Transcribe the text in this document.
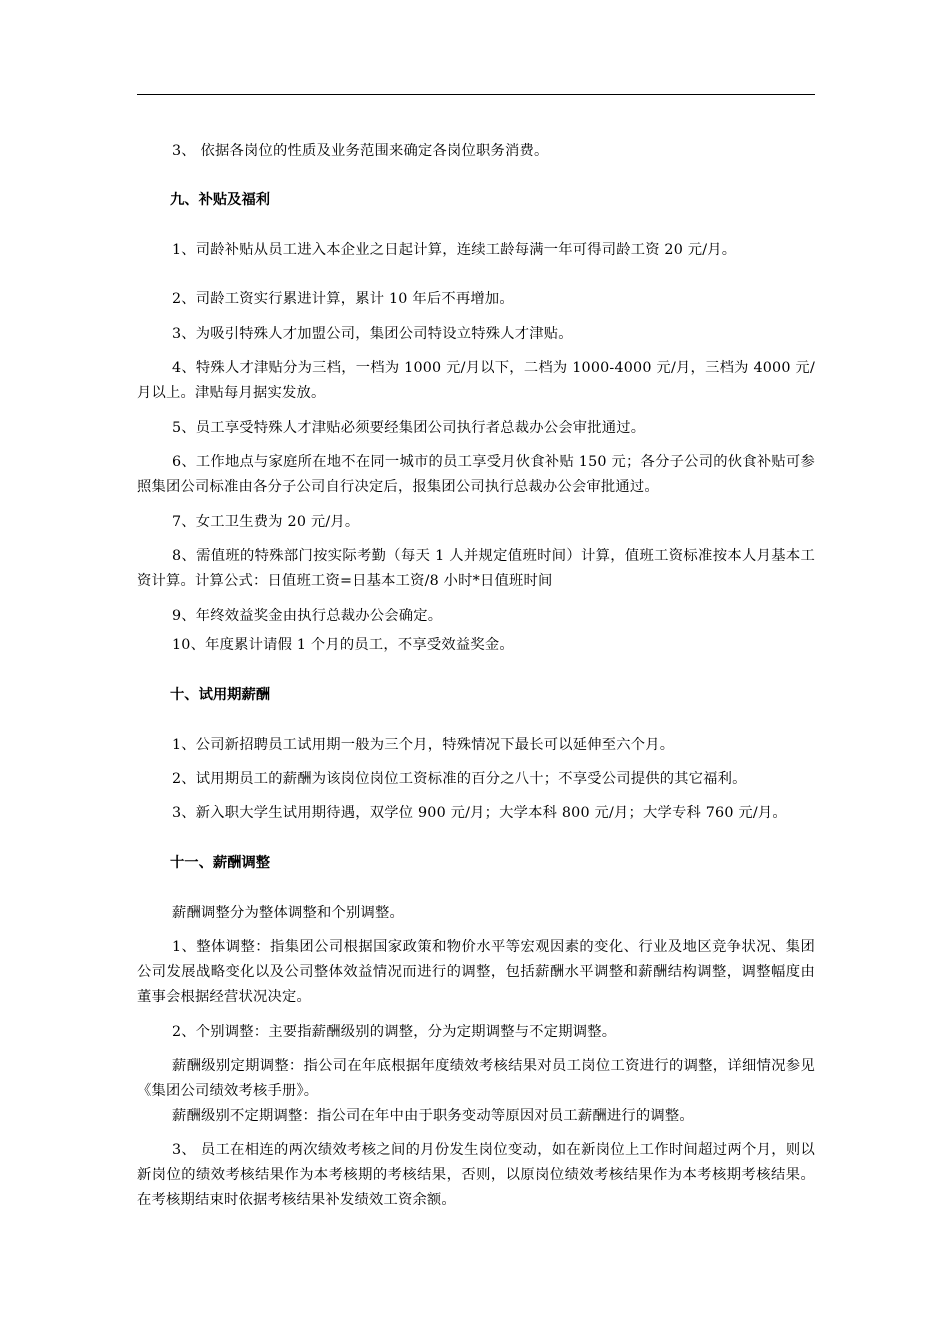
3、 依据各岗位的性质及业务范围来确定各岗位职务消费。
九、补贴及福利
1、司龄补贴从员工进入本企业之日起计算，连续工龄每满一年可得司龄工资 20 元/月。
2、司龄工资实行累进计算，累计 10 年后不再增加。
3、为吸引特殊人才加盟公司，集团公司特设立特殊人才津贴。
4、特殊人才津贴分为三档，一档为 1000 元/月以下，二档为 1000-4000 元/月，三档为 4000 元/月以上。津贴每月据实发放。
5、员工享受特殊人才津贴必须要经集团公司执行者总裁办公会审批通过。
6、工作地点与家庭所在地不在同一城市的员工享受月伙食补贴 150 元；各分子公司的伙食补贴可参照集团公司标准由各分子公司自行决定后，报集团公司执行总裁办公会审批通过。
7、女工卫生费为 20 元/月。
8、需值班的特殊部门按实际考勤（每天 1 人并规定值班时间）计算，值班工资标准按本人月基本工资计算。计算公式：日值班工资=日基本工资/8 小时*日值班时间
9、年终效益奖金由执行总裁办公会确定。
10、年度累计请假 1 个月的员工，不享受效益奖金。
十、试用期薪酬
1、公司新招聘员工试用期一般为三个月，特殊情况下最长可以延伸至六个月。
2、试用期员工的薪酬为该岗位岗位工资标准的百分之八十；不享受公司提供的其它福利。
3、新入职大学生试用期待遇，双学位 900 元/月；大学本科 800 元/月；大学专科 760 元/月。
十一、薪酬调整
薪酬调整分为整体调整和个别调整。
1、整体调整：指集团公司根据国家政策和物价水平等宏观因素的变化、行业及地区竞争状况、集团公司发展战略变化以及公司整体效益情况而进行的调整，包括薪酬水平调整和薪酬结构调整，调整幅度由董事会根据经营状况决定。
2、个别调整：主要指薪酬级别的调整，分为定期调整与不定期调整。
薪酬级别定期调整：指公司在年底根据年度绩效考核结果对员工岗位工资进行的调整，详细情况参见《集团公司绩效考核手册》。
薪酬级别不定期调整：指公司在年中由于职务变动等原因对员工薪酬进行的调整。
3、 员工在相连的两次绩效考核之间的月份发生岗位变动，如在新岗位上工作时间超过两个月，则以新岗位的绩效考核结果作为本考核期的考核结果，否则，以原岗位绩效考核结果作为本考核期考核结果。在考核期结束时依据考核结果补发绩效工资余额。
